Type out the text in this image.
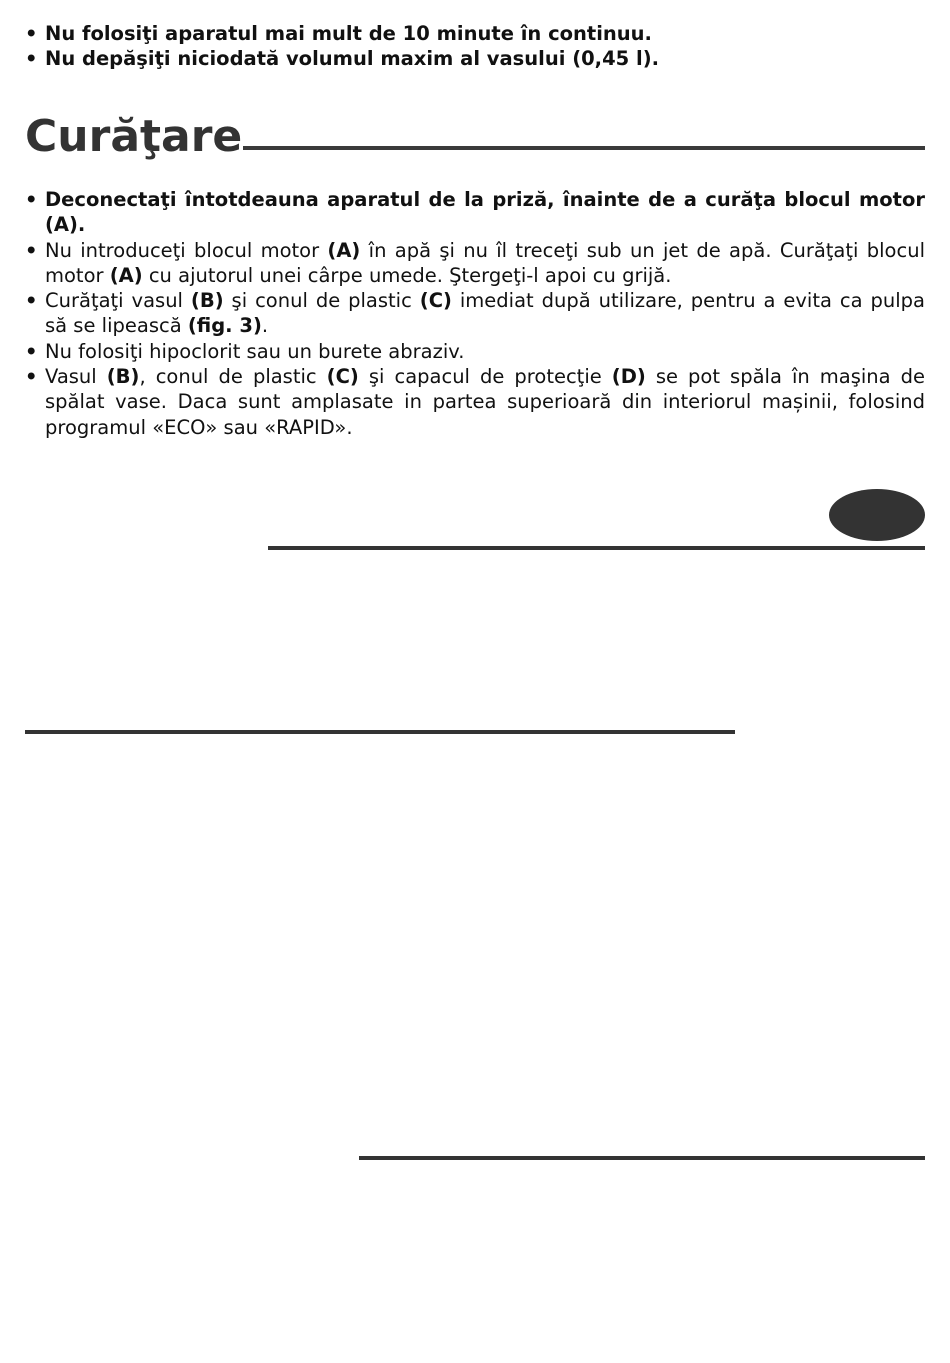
• Nu folosiţi aparatul mai mult de 10 minute în continuu.
• Nu depăşiţi niciodată volumul maxim al vasului (0,45 l).
Curăţare
• Deconectaţi întotdeauna aparatul de la priză, înainte de a curăţa blocul motor (A).
• Nu introduceţi blocul motor (A) în apă şi nu îl treceţi sub un jet de apă. Curăţaţi blocul motor (A) cu ajutorul unei cârpe umede. Ştergeţi-l apoi cu grijă.
• Curăţaţi vasul (B) şi conul de plastic (C) imediat după utilizare, pentru a evita ca pulpa să se lipească (fig. 3).
• Nu folosiţi hipoclorit sau un burete abraziv.
• Vasul (B), conul de plastic (C) şi capacul de protecţie (D) se pot spăla în maşina de spălat vase. Daca sunt amplasate in partea superioară din interiorul mașinii, folosind programul «ECO» sau «RAPID».
